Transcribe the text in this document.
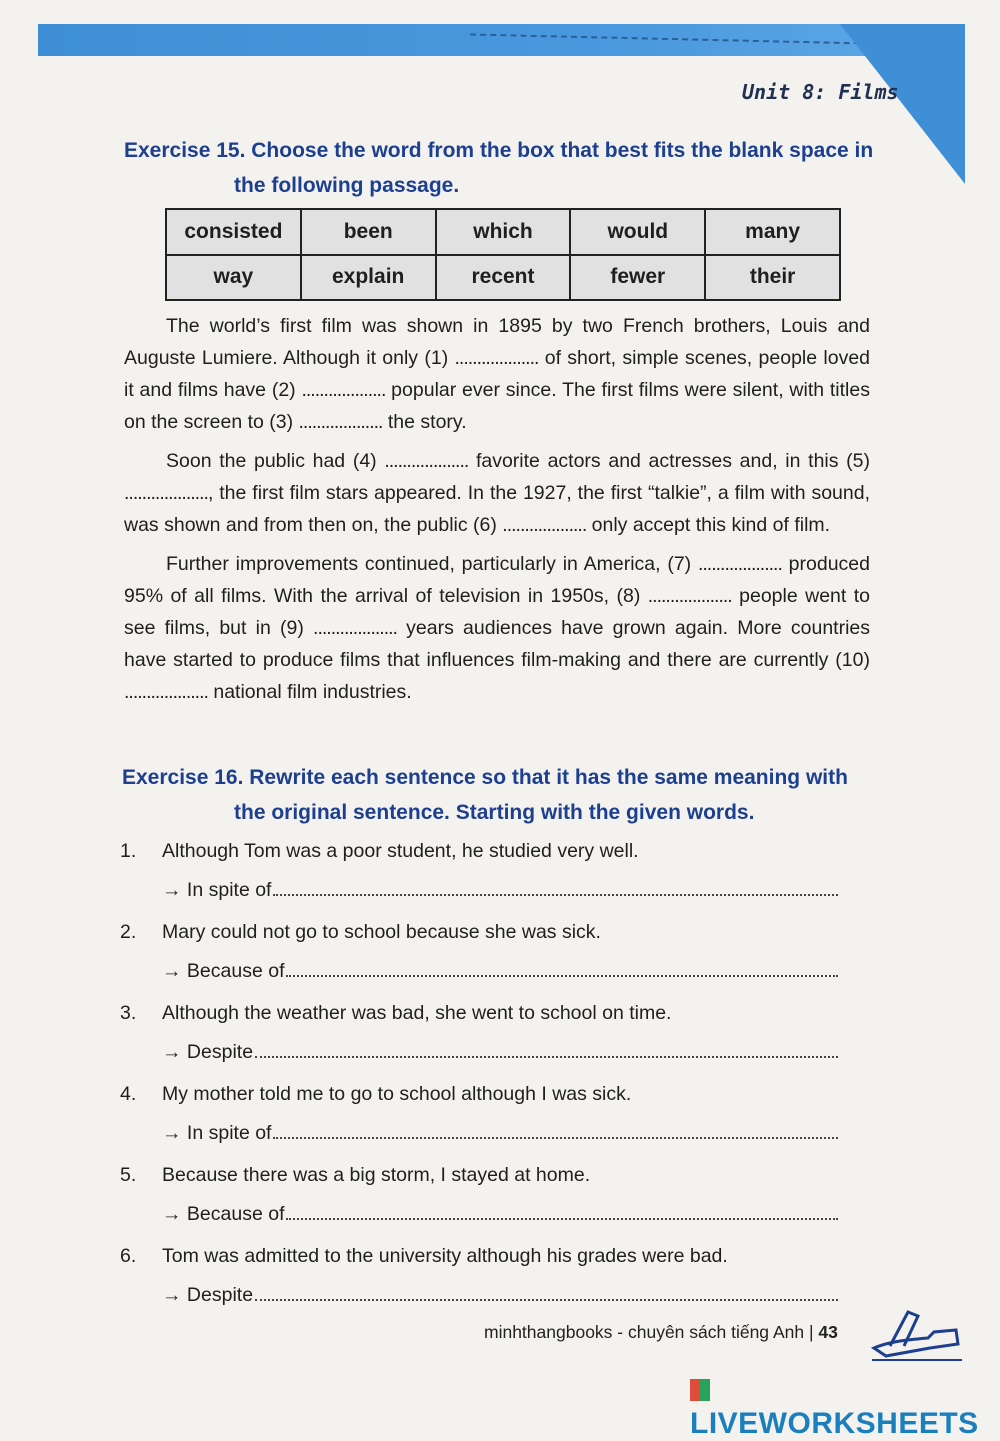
Unit 8: Films
Exercise 15. Choose the word from the box that best fits the blank space in
the following passage.
consisted	been	which	would	many
way	explain	recent	fewer	their

The world’s first film was shown in 1895 by two French brothers, Louis and Auguste Lumiere. Although it only (1) ................... of short, simple scenes, people loved it and films have (2) ................... popular ever since. The first films were silent, with titles on the screen to (3) ................... the story.

Soon the public had (4) ................... favorite actors and actresses and, in this (5) ..................., the first film stars appeared. In the 1927, the first “talkie”, a film with sound, was shown and from then on, the public (6) ................... only accept this kind of film.

Further improvements continued, particularly in America, (7) ................... produced 95% of all films. With the arrival of television in 1950s, (8) ................... people went to see films, but in (9) ................... years audiences have grown again. More countries have started to produce films that influences film-making and there are currently (10) ................... national film industries.

Exercise 16. Rewrite each sentence so that it has the same meaning with
the original sentence. Starting with the given words.
1. Although Tom was a poor student, he studied very well.
→ In spite of
2. Mary could not go to school because she was sick.
→ Because of
3. Although the weather was bad, she went to school on time.
→ Despite
4. My mother told me to go to school although I was sick.
→ In spite of
5. Because there was a big storm, I stayed at home.
→ Because of
6. Tom was admitted to the university although his grades were bad.
→ Despite
minhthangbooks - chuyên sách tiếng Anh | 43
LIVEWORKSHEETS
